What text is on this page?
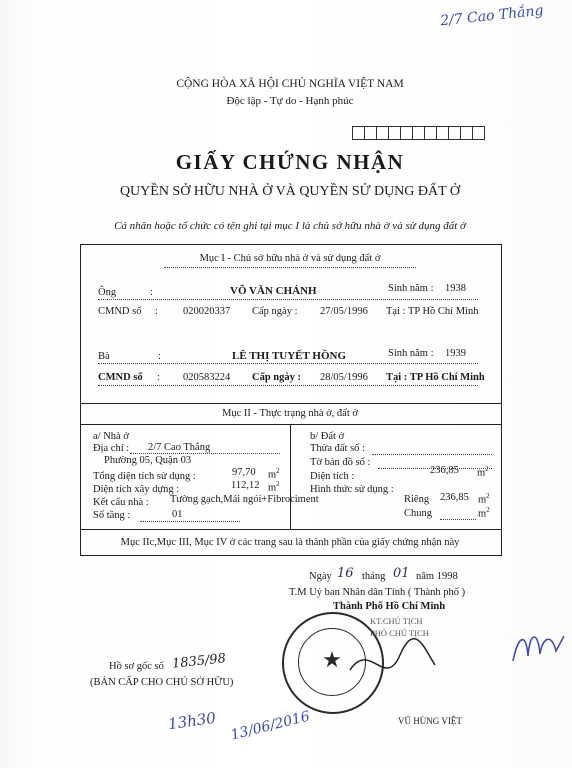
2/7 Cao Thắng
CỘNG HÒA XÃ HỘI CHỦ NGHĨA VIỆT NAM
Độc lập - Tự do - Hạnh phúc
GIẤY CHỨNG NHẬN
QUYỀN SỞ HỮU NHÀ Ở VÀ QUYỀN SỬ DỤNG ĐẤT Ở
Cá nhân hoặc tổ chức có tên ghi tại mục I là chủ sở hữu nhà ở và sử dụng đất ở
Mục I - Chủ sở hữu nhà ở và sử dụng đất ở
Ông	:	VÕ VĂN CHÁNH	Sinh năm : 1938
CMND số : 020020337 Cấp ngày : 27/05/1996 Tại : TP Hồ Chí Minh
Bà	:	LÊ THỊ TUYẾT HỒNG	Sinh năm : 1939
CMND số : 020583224 Cấp ngày : 28/05/1996 Tại : TP Hồ Chí Minh
Mục II - Thực trạng nhà ở, đất ở
a/ Nhà ở
Địa chỉ : 2/7 Cao Thắng
Phường 05, Quận 03
Tổng diện tích sử dụng :	97,70 $m^2$
Diện tích xây dựng :	112,12 $m^2$
Kết cấu nhà : Tường gạch,Mái ngói+Fibrociment
Số tầng :	01
b/ Đất ở
Thửa đất số :
Tờ bản đồ số :
Diện tích :
236,85 $m^2$
Hình thức sử dụng :
Riêng 236,85 $m^2$
Chung	$m^2$
Mục IIc,Mục III, Mục IV ở các trang sau là thành phần của giấy chứng nhận này
Ngày 16 tháng 01 năm 1998
T.M Uỷ ban Nhân dân Tỉnh ( Thành phố )
Thành Phố Hồ Chí Minh
★
KT.CHỦ TỊCH
PHÓ CHỦ TỊCH
VŨ HÙNG VIỆT
Hồ sơ gốc số 1835/98
(BẢN CẤP CHO CHỦ SỞ HỮU)
13h30 13/06/2016
